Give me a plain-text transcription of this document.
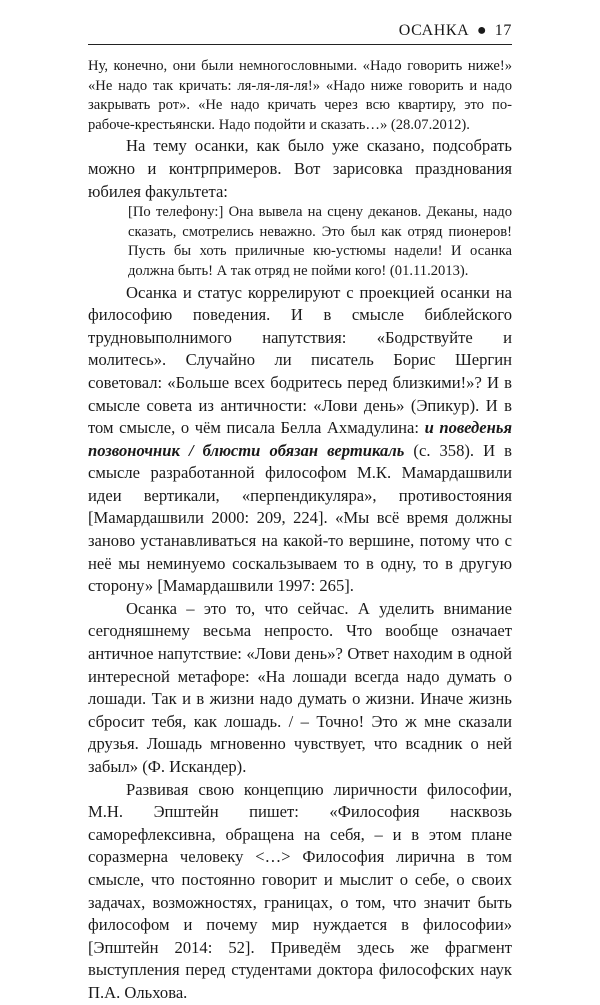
ОСАНКА ● 17

Ну, конечно, они были немногословными. «Надо говорить ниже!» «Не надо так кричать: ля-ля-ля-ля!» «Надо ниже говорить и надо закрывать рот». «Не надо кричать через всю квартиру, это по-рабоче-крестьянски. Надо подойти и сказать…» (28.07.2012).

На тему осанки, как было уже сказано, подсобрать можно и контрпримеров. Вот зарисовка празднования юбилея факультета:

[По телефону:] Она вывела на сцену деканов. Деканы, надо сказать, смотрелись неважно. Это был как отряд пионеров! Пусть бы хоть приличные кю-устюмы надели! И осанка должна быть! А так отряд не пойми кого! (01.11.2013).

Осанка и статус коррелируют с проекцией осанки на философию поведения. И в смысле библейского трудновыполнимого напутствия: «Бодрствуйте и молитесь». Случайно ли писатель Борис Шергин советовал: «Больше всех бодритесь перед близкими!»? И в смысле совета из античности: «Лови день» (Эпикур). И в том смысле, о чём писала Белла Ахмадулина: и поведенья позвоночник / блюсти обязан вертикаль (с. 358). И в смысле разработанной философом М.К. Мамардашвили идеи вертикали, «перпендикуляра», противостояния [Мамардашвили 2000: 209, 224]. «Мы всё время должны заново устанавливаться на какой-то вершине, потому что с неё мы неминуемо соскальзываем то в одну, то в другую сторону» [Мамардашвили 1997: 265].

Осанка – это то, что сейчас. А уделить внимание сегодняшнему весьма непросто. Что вообще означает античное напутствие: «Лови день»? Ответ находим в одной интересной метафоре: «На лошади всегда надо думать о лошади. Так и в жизни надо думать о жизни. Иначе жизнь сбросит тебя, как лошадь. / – Точно! Это ж мне сказали друзья. Лошадь мгновенно чувствует, что всадник о ней забыл» (Ф. Искандер).

Развивая свою концепцию лиричности философии, М.Н. Эпштейн пишет: «Философия насквозь саморефлексивна, обращена на себя, – и в этом плане соразмерна человеку <…> Философия лирична в том смысле, что постоянно говорит и мыслит о себе, о своих задачах, возможностях, границах, о том, что значит быть философом и почему мир нуждается в философии» [Эпштейн 2014: 52]. Приведём здесь же фрагмент выступления перед студентами доктора философских наук П.А. Ольхова.
